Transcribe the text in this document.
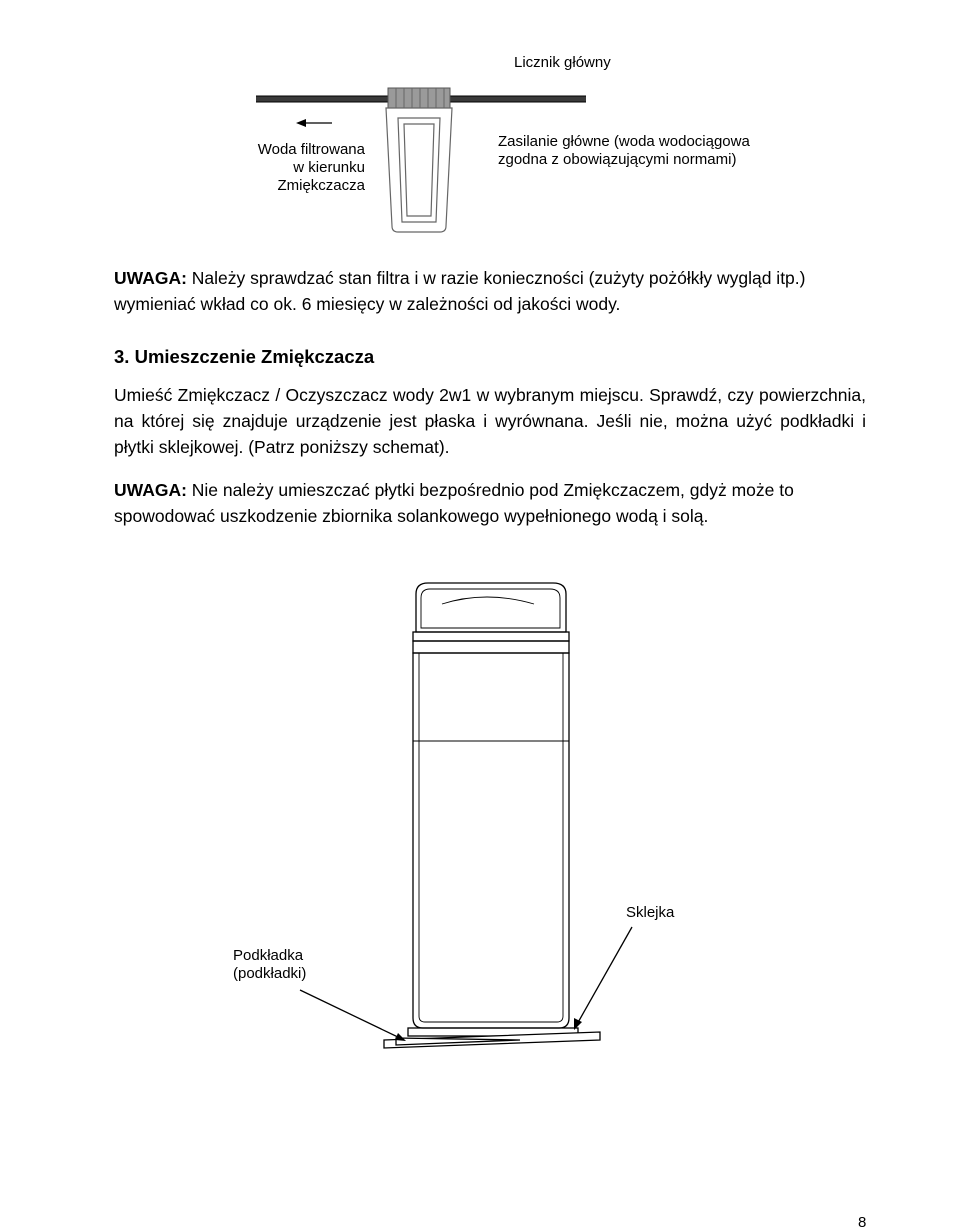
Licznik główny
Woda filtrowana
w kierunku
Zmiękczacza
Zasilanie główne (woda wodociągowa
zgodna z obowiązującymi normami)
UWAGA: Należy sprawdzać stan filtra i w razie konieczności (zużyty pożółkły wygląd itp.) wymieniać wkład co ok. 6 miesięcy w zależności od jakości wody.
3. Umieszczenie Zmiękczacza
Umieść Zmiękczacz / Oczyszczacz wody 2w1 w wybranym miejscu. Sprawdź, czy powierzchnia, na której się znajduje urządzenie jest płaska i wyrównana. Jeśli nie, można użyć podkładki i płytki sklejkowej. (Patrz poniższy schemat).
UWAGA: Nie należy umieszczać płytki bezpośrednio pod Zmiękczaczem, gdyż może to spowodować uszkodzenie zbiornika solankowego wypełnionego wodą i solą.
Sklejka
Podkładka
(podkładki)
8
